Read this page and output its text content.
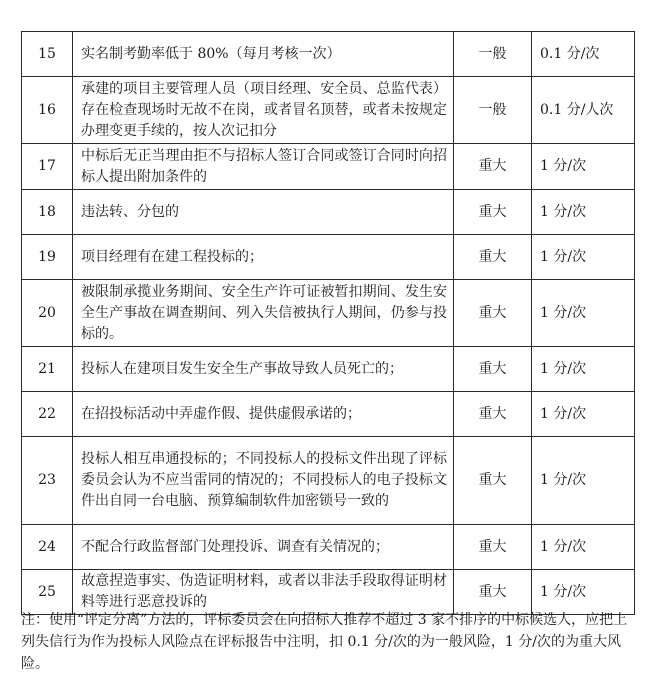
15	实名制考勤率低于 80%（每月考核一次）	一般	0.1 分/次
16	承建的项目主要管理人员（项目经理、安全员、总监代表）存在检查现场时无故不在岗，或者冒名顶替，或者未按规定办理变更手续的，按人次记扣分	一般	0.1 分/人次
17	中标后无正当理由拒不与招标人签订合同或签订合同时向招标人提出附加条件的	重大	1 分/次
18	违法转、分包的	重大	1 分/次
19	项目经理有在建工程投标的；	重大	1 分/次
20	被限制承揽业务期间、安全生产许可证被暂扣期间、发生安全生产事故在调查期间、列入失信被执行人期间，仍参与投标的。	重大	1 分/次
21	投标人在建项目发生安全生产事故导致人员死亡的；	重大	1 分/次
22	在招投标活动中弄虚作假、提供虚假承诺的；	重大	1 分/次
23	投标人相互串通投标的；不同投标人的投标文件出现了评标委员会认为不应当雷同的情况的；不同投标人的电子投标文件出自同一台电脑、预算编制软件加密锁号一致的	重大	1 分/次
24	不配合行政监督部门处理投诉、调查有关情况的；	重大	1 分/次
25	故意捏造事实、伪造证明材料，或者以非法手段取得证明材料等进行恶意投诉的	重大	1 分/次
注：使用“评定分离”方法的，评标委员会在向招标人推荐不超过 3 家不排序的中标候选人，应把上列失信行为作为投标人风险点在评标报告中注明，扣 0.1 分/次的为一般风险，1 分/次的为重大风险。
